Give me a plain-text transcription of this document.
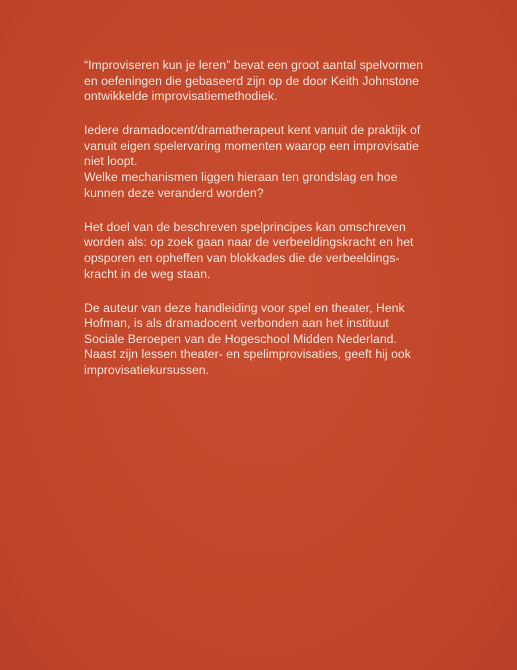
“Improviseren kun je leren” bevat een groot aantal spelvormen
en oefeningen die gebaseerd zijn op de door Keith Johnstone
ontwikkelde improvisatiemethodiek.

Iedere dramadocent/dramatherapeut kent vanuit de praktijk of
vanuit eigen spelervaring momenten waarop een improvisatie
niet loopt.
Welke mechanismen liggen hieraan ten grondslag en hoe
kunnen deze veranderd worden?

Het doel van de beschreven spelprincipes kan omschreven
worden als: op zoek gaan naar de verbeeldingskracht en het
opsporen en opheffen van blokkades die de verbeeldings-
kracht in de weg staan.

De auteur van deze handleiding voor spel en theater, Henk
Hofman, is als dramadocent verbonden aan het instituut
Sociale Beroepen van de Hogeschool Midden Nederland.
Naast zijn lessen theater- en spelimprovisaties, geeft hij ook
improvisatiekursussen.
